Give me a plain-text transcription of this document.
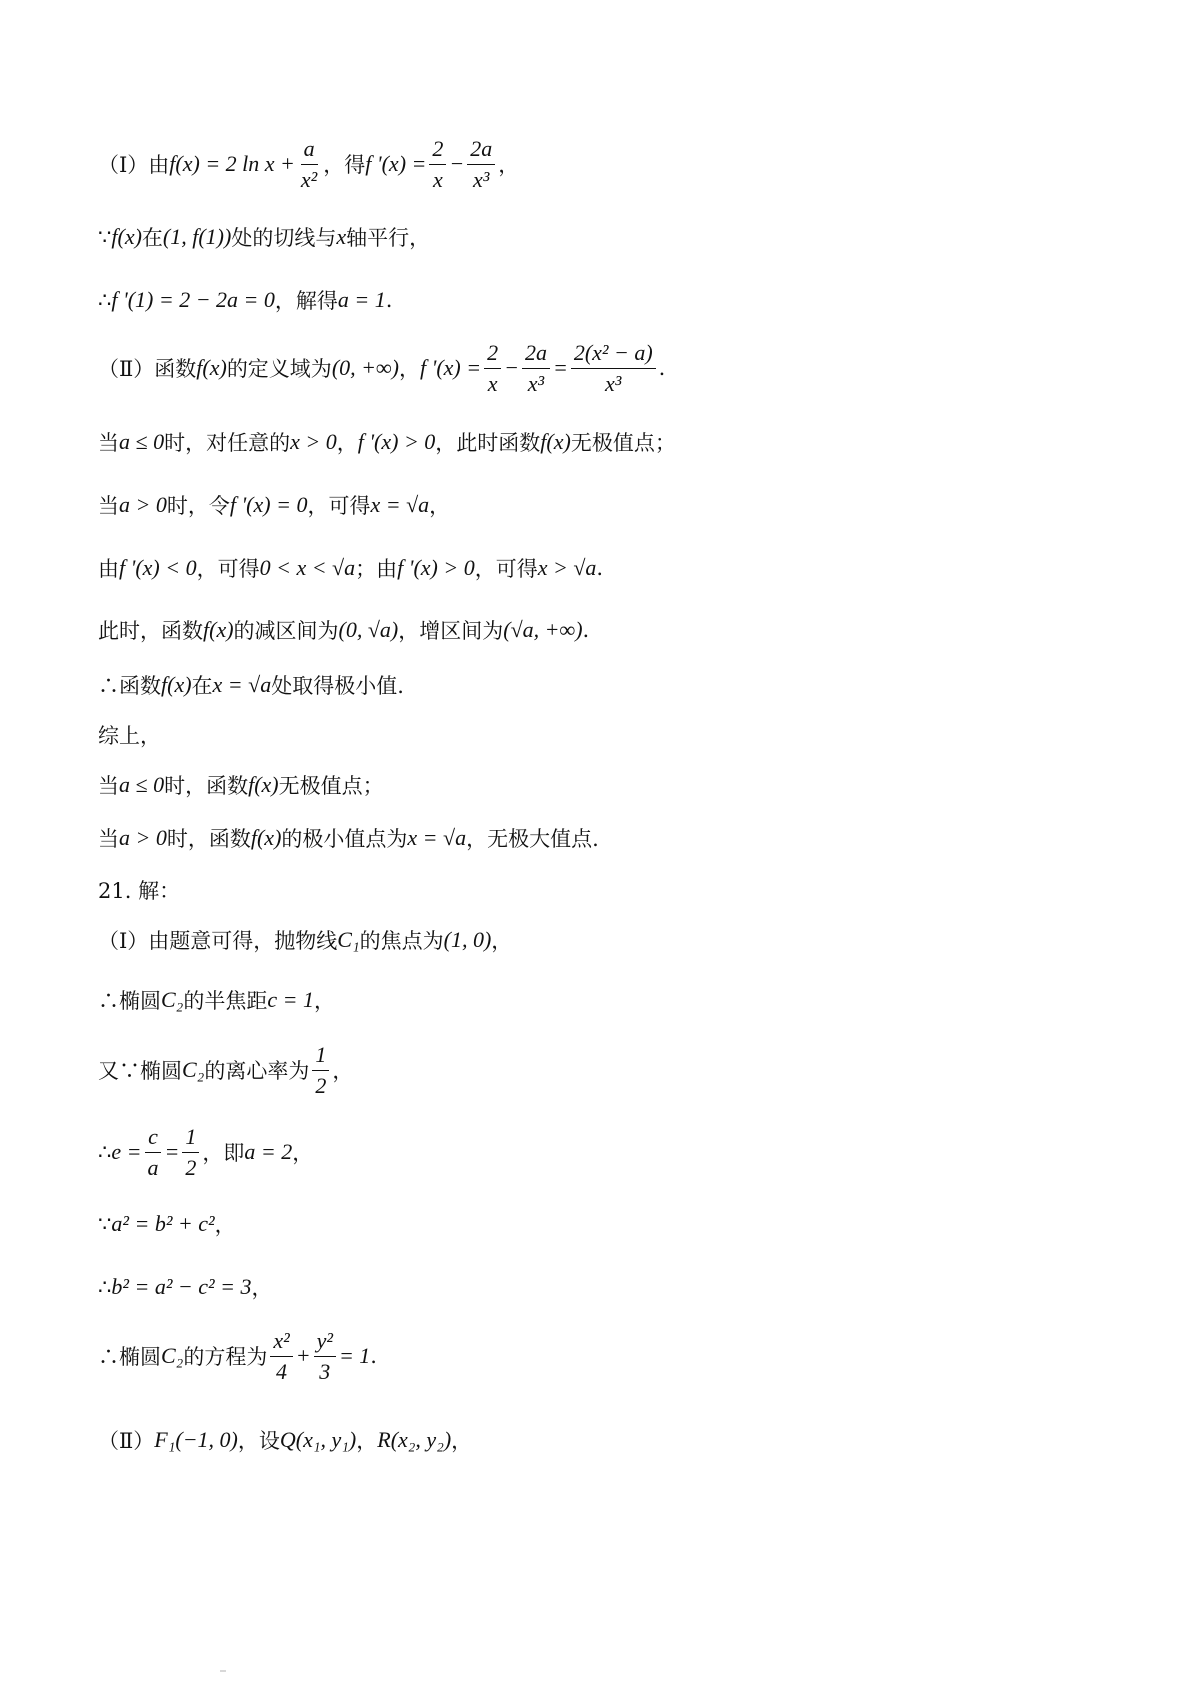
（Ⅰ）由 f(x) = 2 $\ln x + \frac{a}{\text{x²}}$ ，得 f '$(x) = \frac{2}{x} - \frac{2a}{\text{x³}}$ ，
∵ f(x) 在 (1, f(1)) 处的切线与 x 轴平行，
∴ f '(1) = 2 − 2a = 0 ，解得 a = 1 .
（Ⅱ）函数 f(x) 的定义域为 (0, +∞) ， f '$(x) = \frac{2}{x} - \frac{2a}{\text{x³}} = \frac{\text{2(x² − a)}}{\text{x³}}$ .
当 a ≤ 0 时，对任意的 x > 0 ， f '(x) > 0 ，此时函数 f(x) 无极值点；
当 a > 0 时，令 f '(x) = 0 ，可得 x = √a ，
由 f '(x) < 0 ，可得 0 < x < √a ；由 f '(x) > 0 ，可得 x > √a .
此时，函数 f(x) 的减区间为 (0, √a) ，增区间为 (√a, +∞) .
∴函数 f(x) 在 x = √a 处取得极小值.
综上，
当 a ≤ 0 时，函数 f(x) 无极值点；
当 a > 0 时，函数 f(x) 的极小值点为 x = √a ，无极大值点.
21. 解：
（Ⅰ）由题意可得，抛物线 C₁ 的焦点为 (1, 0) ，
∴椭圆 C₂ 的半焦距 c = 1 ，
又∵椭圆 C₂ 的离心率为 $\frac{1}{2}$ ，
∴ $e = \frac{c}{a} = \frac{1}{2}$ ，即 a = 2 ，
∵ a² = b² + c² ，
∴ b² = a² − c² = 3 ，
∴椭圆 C₂ 的方程为 $\frac{\text{x²}}{4} + \frac{\text{y²}}{3} = 1$ .
（Ⅱ） F₁(−1, 0) ，设 Q(x₁, y₁) ， R(x₂, y₂) ，
